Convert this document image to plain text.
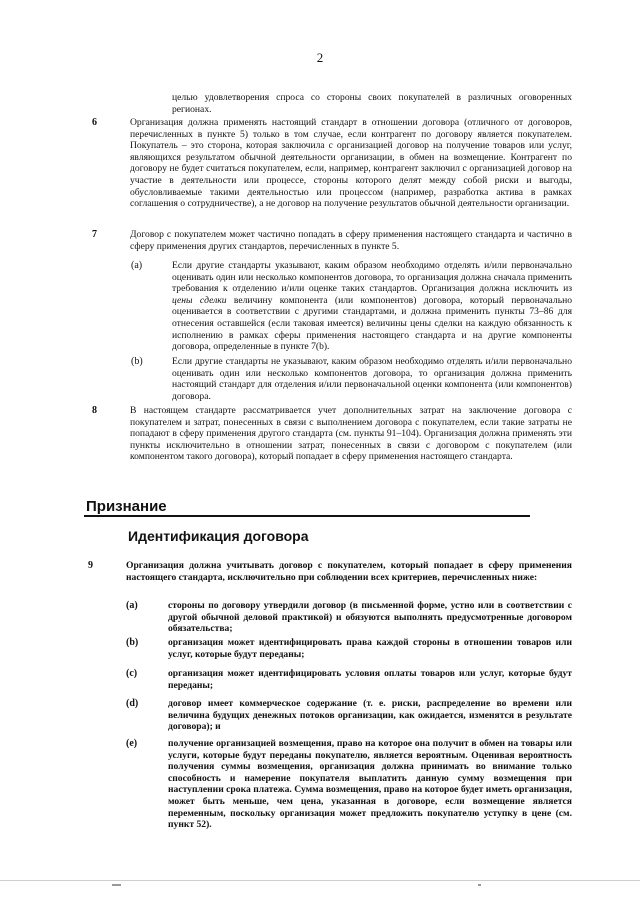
2
целью удовлетворения спроса со стороны своих покупателей в различных оговоренных регионах.
6	Организация должна применять настоящий стандарт в отношении договора (отличного от договоров, перечисленных в пункте 5) только в том случае, если контрагент по договору является покупателем. Покупатель – это сторона, которая заключила с организацией договор на получение товаров или услуг, являющихся результатом обычной деятельности организации, в обмен на возмещение. Контрагент по договору не будет считаться покупателем, если, например, контрагент заключил с организацией договор на участие в деятельности или процессе, стороны которого делят между собой риски и выгоды, обусловливаемые такими деятельностью или процессом (например, разработка актива в рамках соглашения о сотрудничестве), а не договор на получение результатов обычной деятельности организации.
7	Договор с покупателем может частично попадать в сферу применения настоящего стандарта и частично в сферу применения других стандартов, перечисленных в пункте 5.
(a)	Если другие стандарты указывают, каким образом необходимо отделять и/или первоначально оценивать один или несколько компонентов договора, то организация должна сначала применить требования к отделению и/или оценке таких стандартов. Организация должна исключить из цены сделки величину компонента (или компонентов) договора, который первоначально оценивается в соответствии с другими стандартами, и должна применить пункты 73–86 для отнесения оставшейся (если таковая имеется) величины цены сделки на каждую обязанность к исполнению в рамках сферы применения настоящего стандарта и на другие компоненты договора, определенные в пункте 7(b).
(b)	Если другие стандарты не указывают, каким образом необходимо отделять и/или первоначально оценивать один или несколько компонентов договора, то организация должна применить настоящий стандарт для отделения и/или первоначальной оценки компонента (или компонентов) договора.
8	В настоящем стандарте рассматривается учет дополнительных затрат на заключение договора с покупателем и затрат, понесенных в связи с выполнением договора с покупателем, если такие затраты не попадают в сферу применения другого стандарта (см. пункты 91–104). Организация должна применять эти пункты исключительно в отношении затрат, понесенных в связи с договором с покупателем (или компонентом такого договора), который попадает в сферу применения настоящего стандарта.
Признание
Идентификация договора
9	Организация должна учитывать договор с покупателем, который попадает в сферу применения настоящего стандарта, исключительно при соблюдении всех критериев, перечисленных ниже:
(a)	стороны по договору утвердили договор (в письменной форме, устно или в соответствии с другой обычной деловой практикой) и обязуются выполнять предусмотренные договором обязательства;
(b)	организация может идентифицировать права каждой стороны в отношении товаров или услуг, которые будут переданы;
(c)	организация может идентифицировать условия оплаты товаров или услуг, которые будут переданы;
(d)	договор имеет коммерческое содержание (т. е. риски, распределение во времени или величина будущих денежных потоков организации, как ожидается, изменятся в результате договора); и
(e)	получение организацией возмещения, право на которое она получит в обмен на товары или услуги, которые будут переданы покупателю, является вероятным. Оценивая вероятность получения суммы возмещения, организация должна принимать во внимание только способность и намерение покупателя выплатить данную сумму возмещения при наступлении срока платежа. Сумма возмещения, право на которое будет иметь организация, может быть меньше, чем цена, указанная в договоре, если возмещение является переменным, поскольку организация может предложить покупателю уступку в цене (см. пункт 52).
